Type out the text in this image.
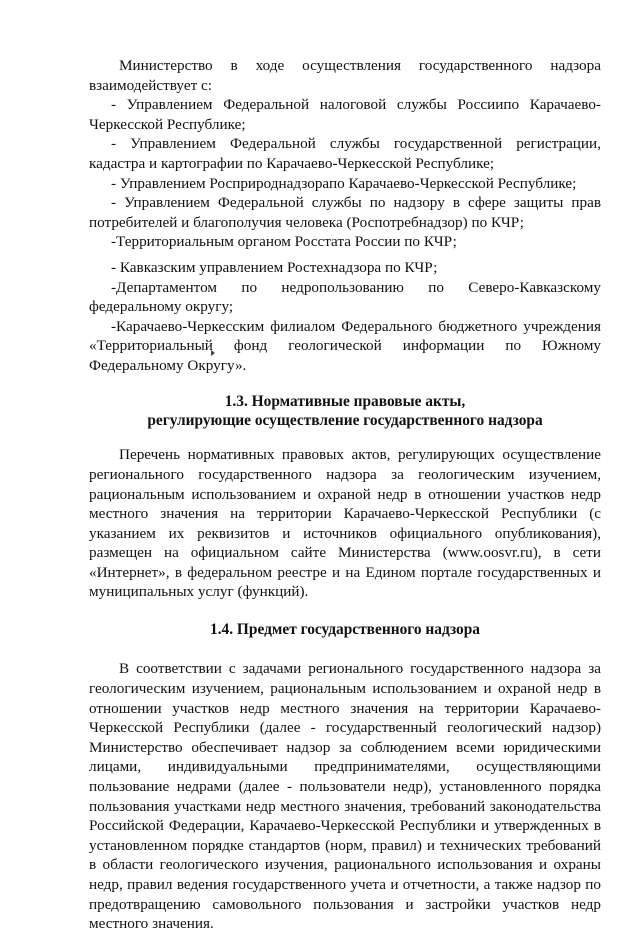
Министерство в ходе осуществления государственного надзора взаимодействует с:

- Управлением Федеральной налоговой службы Россиипо Карачаево-Черкесской Республике;

- Управлением Федеральной службы государственной регистрации, кадастра и картографии по Карачаево-Черкесской Республике;

- Управлением Росприроднадзорапо Карачаево-Черкесской Республике;

- Управлением Федеральной службы по надзору в сфере защиты прав потребителей и благополучия человека (Роспотребнадзор) по КЧР;

-Территориальным органом Росстата России по КЧР;

- Кавказским управлением Ростехнадзора по КЧР;

-Департаментом по недропользованию по Северо-Кавказскому федеральному округу;

-Карачаево-Черкесским филиалом Федерального бюджетного учреждения «Территориальный фонд геологической информации по Южному Федеральному Округу».

1.3. Нормативные правовые акты,

регулирующие осуществление государственного надзора

Перечень нормативных правовых актов, регулирующих осуществление регионального государственного надзора за геологическим изучением, рациональным использованием и охраной недр в отношении участков недр местного значения на территории Карачаево-Черкесской Республики (с указанием их реквизитов и источников официального опубликования), размещен на официальном сайте Министерства (www.oosvr.ru), в сети «Интернет», в федеральном реестре и на Едином портале государственных и муниципальных услуг (функций).

1.4. Предмет государственного надзора

В соответствии с задачами регионального государственного надзора за геологическим изучением, рациональным использованием и охраной недр в отношении участков недр местного значения на территории Карачаево-Черкесской Республики (далее - государственный геологический надзор) Министерство обеспечивает надзор за соблюдением всеми юридическими лицами, индивидуальными предпринимателями, осуществляющими пользование недрами (далее - пользователи недр), установленного порядка пользования участками недр местного значения, требований законодательства Российской Федерации, Карачаево-Черкесской Республики и утвержденных в установленном порядке стандартов (норм, правил) и технических требований в области геологического изучения, рационального использования и охраны недр, правил ведения государственного учета и отчетности, а также надзор по предотвращению самовольного пользования и застройки участков недр местного значения.
